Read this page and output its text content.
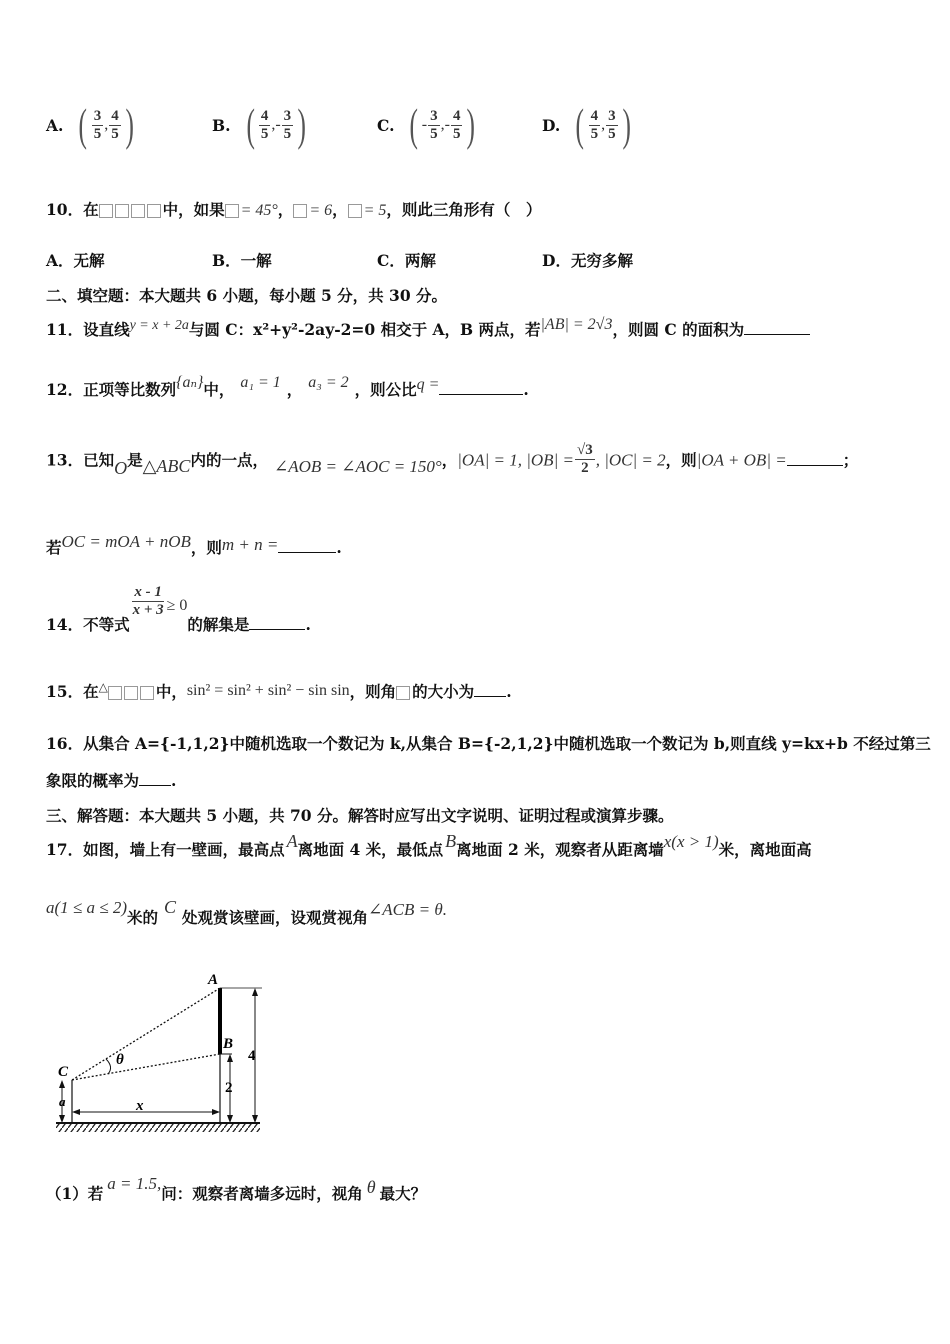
A. ( $\frac{3}{5}$ , $\frac{4}{5}$ )	B. ( $\frac{4}{5}$ , - $\frac{3}{5}$ )	C. ( - $\frac{3}{5}$ , - $\frac{4}{5}$ )	D. ( $\frac{4}{5}$ , $\frac{3}{5}$ )
10．在	中，如果 = 45°， = 6， = 5，则此三角形有（　）
A．无解	B．一解	C．两解	D．无穷多解
二、填空题：本大题共 6 小题，每小题 5 分，共 30 分。
11．设直线y = x + 2a与圆 C：x²+y²-2ay-2=0 相交于 A，B 两点，若|AB| = 2√3，则圆 C 的面积为
12．正项等比数列{aₙ}中， a₁ = 1 ， a₃ = 2 ，则公比q =	.
13．已知O是△ABC内的一点， ∠AOB = ∠AOC = 150°，|OA| = 1, $|OB| = \frac{√3}{2}$ , |OC| = 2，则|OA + OB| =	；
若OC = mOA + nOB，则m + n =	.
14．不等式
$\frac{x - 1}{x + 3} \ge 0$的解集是	.
15．在△	中，sin² = sin² + sin² − sin sin，则角 的大小为 .
16．从集合 A={-1,1,2}中随机选取一个数记为 k,从集合 B={-2,1,2}中随机选取一个数记为 b,则直线 y=kx+b 不经过第三
象限的概率为 .
三、解答题：本大题共 5 小题，共 70 分。解答时应写出文字说明、证明过程或演算步骤。
17．如图，墙上有一壁画，最高点 A离地面 4 米，最低点 B离地面 2 米，观察者从距离墙x(x > 1)米，离地面高
a(1 ≤ a ≤ 2)米的C处观赏该壁画，设观赏视角∠ACB = θ.
A
B
C
θ
a	x
4
2
（1）若a = 1.5,问：观察者离墙多远时，视角 θ 最大？
